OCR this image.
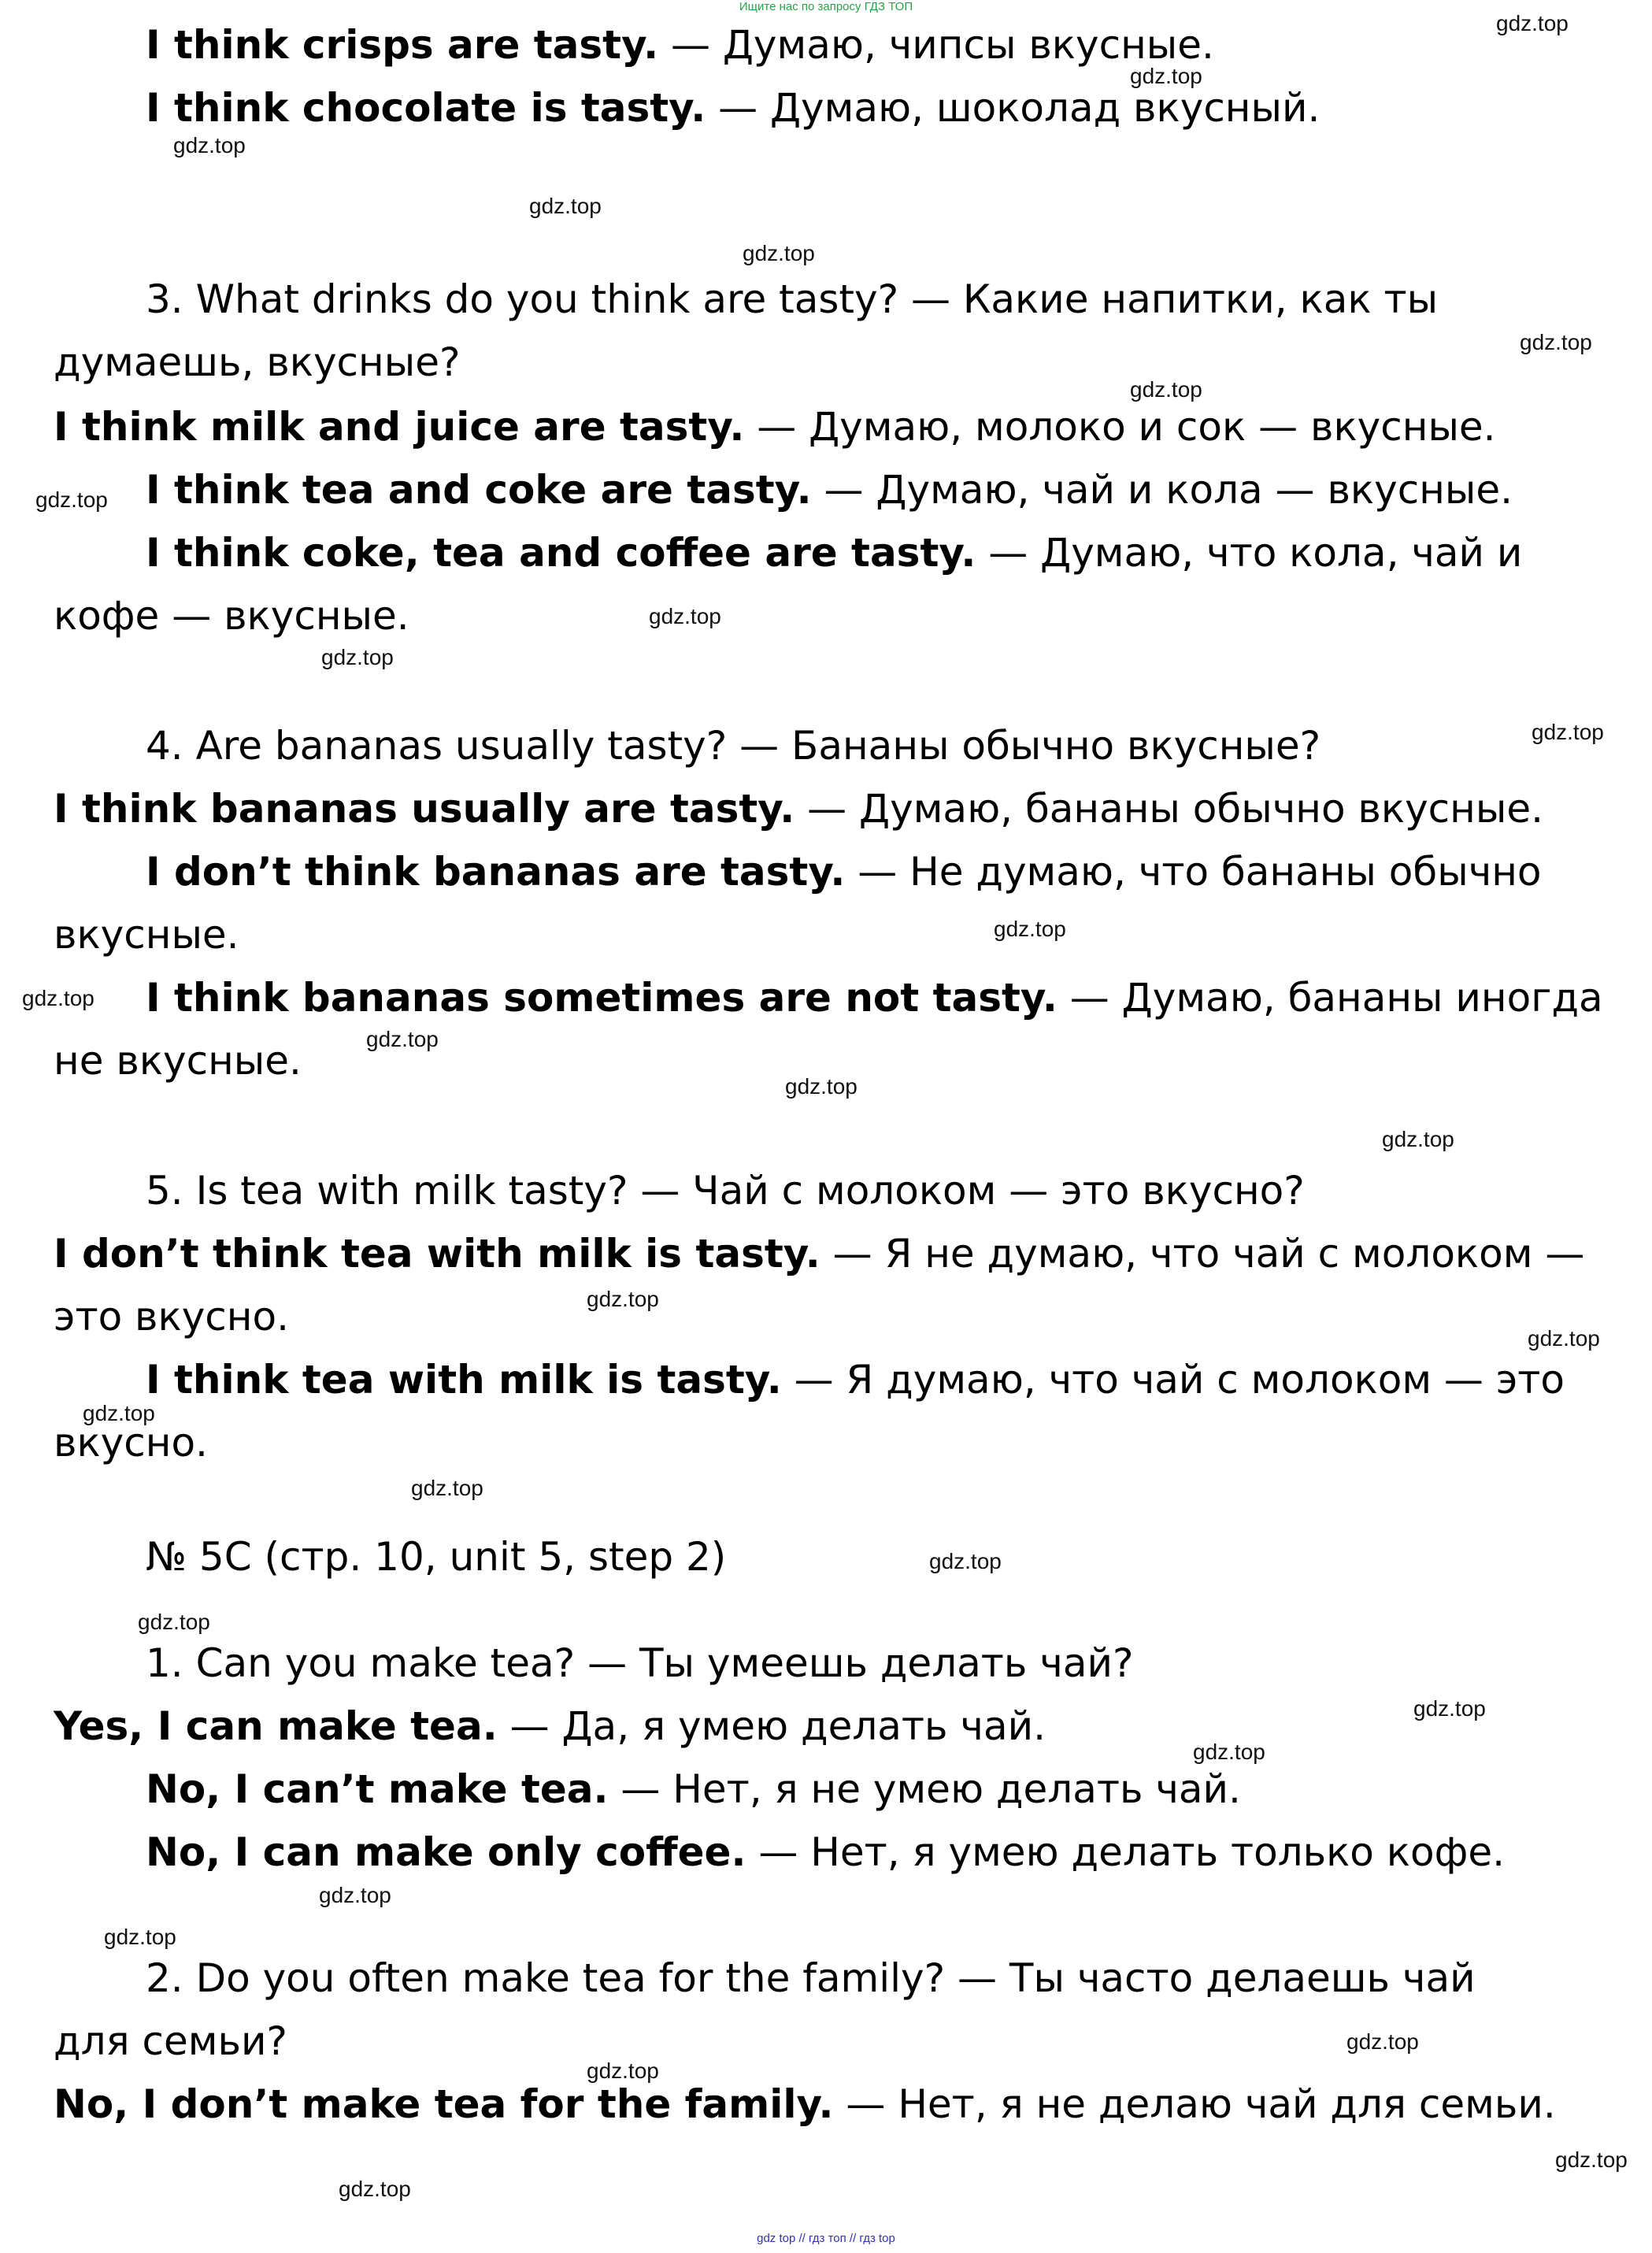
Ищите нас по запросу ГДЗ ТОП
I think crisps are tasty. — Думаю, чипсы вкусные.
I think chocolate is tasty. — Думаю, шоколад вкусный.
3. What drinks do you think are tasty? — Какие напитки, как ты
думаешь, вкусные?
I think milk and juice are tasty. — Думаю, молоко и сок — вкусные.
I think tea and coke are tasty. — Думаю, чай и кола — вкусные.
I think coke, tea and coffee are tasty. — Думаю, что кола, чай и
кофе — вкусные.
4. Are bananas usually tasty? — Бананы обычно вкусные?
I think bananas usually are tasty. — Думаю, бананы обычно вкусные.
I don’t think bananas are tasty. — Не думаю, что бананы обычно
вкусные.
I think bananas sometimes are not tasty. — Думаю, бананы иногда
не вкусные.
5. Is tea with milk tasty? — Чай с молоком — это вкусно?
I don’t think tea with milk is tasty. — Я не думаю, что чай с молоком —
это вкусно.
I think tea with milk is tasty. — Я думаю, что чай с молоком — это
вкусно.
№ 5С (стр. 10, unit 5, step 2)
1. Can you make tea? — Ты умеешь делать чай?
Yes, I can make tea. — Да, я умею делать чай.
No, I can’t make tea. — Нет, я не умею делать чай.
No, I can make only coffee. — Нет, я умею делать только кофе.
2. Do you often make tea for the family? — Ты часто делаешь чай
для семьи?
No, I don’t make tea for the family. — Нет, я не делаю чай для семьи.
gdz.top
gdz.top
gdz.top
gdz.top
gdz.top
gdz.top
gdz.top
gdz.top
gdz.top
gdz.top
gdz.top
gdz.top
gdz.top
gdz.top
gdz.top
gdz.top
gdz.top
gdz.top
gdz.top
gdz.top
gdz.top
gdz.top
gdz.top
gdz.top
gdz.top
gdz.top
gdz.top
gdz.top
gdz.top
gdz.top
gdz top // гдз топ // гдз top
